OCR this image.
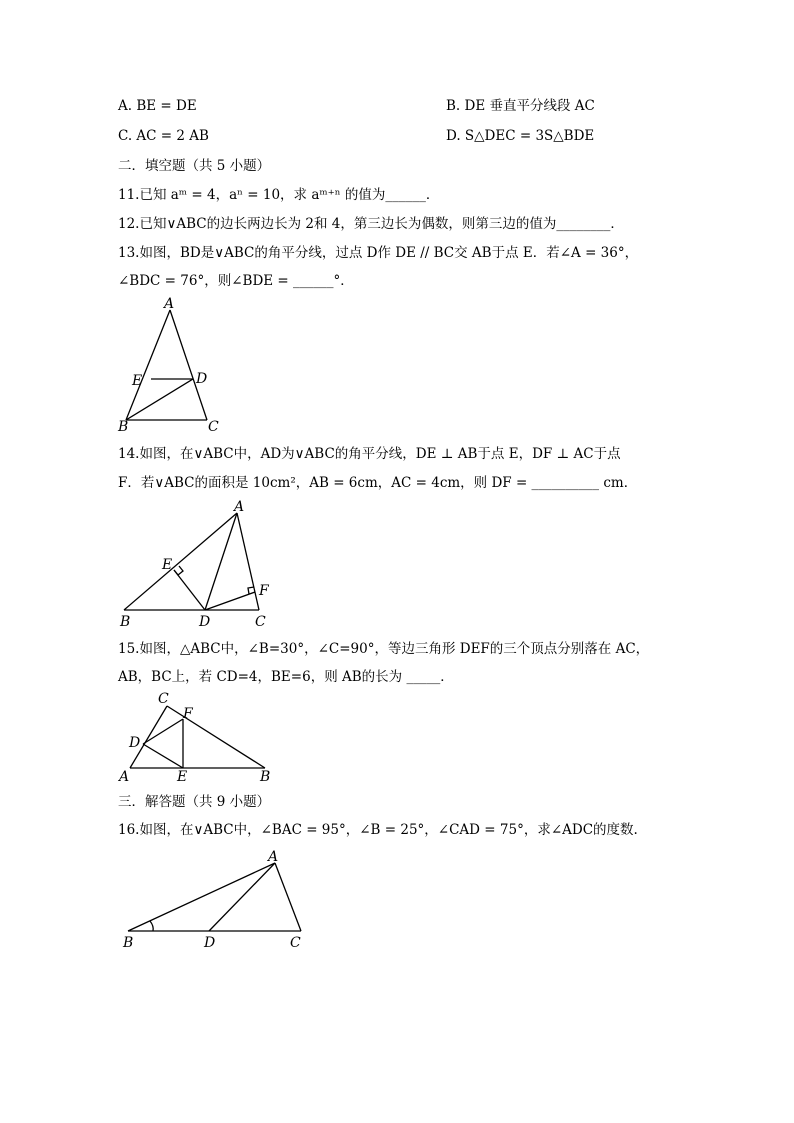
A. BE = DE	B. DE 垂直平分线段 AC
C. AC = 2 AB	D. S△DEC = 3S△BDE
二．填空题（共 5 小题）
11.已知 aᵐ = 4，aⁿ = 10，求 aᵐ⁺ⁿ 的值为______．
12.已知∨ABC的边长两边长为 2和 4，第三边长为偶数，则第三边的值为________．
13.如图，BD是∨ABC的角平分线，过点 D作 DE // BC交 AB于点 E．若∠A = 36°，
∠BDC = 76°，则∠BDE = ______°．
A
E	D
B	C
14.如图，在∨ABC中，AD为∨ABC的角平分线，DE ⊥ AB于点 E，DF ⊥ AC于点
F．若∨ABC的面积是 10cm²，AB = 6cm，AC = 4cm，则 DF = __________ cm．
A
E
F
B	D	C
15.如图，△ABC中，∠B=30°，∠C=90°，等边三角形 DEF的三个顶点分别落在 AC，
AB，BC上，若 CD=4，BE=6，则 AB的长为 _____．
C
F
D
A	E	B
三．解答题（共 9 小题）
16.如图，在∨ABC中，∠BAC = 95°，∠B = 25°，∠CAD = 75°，求∠ADC的度数.
A
B	D	C
